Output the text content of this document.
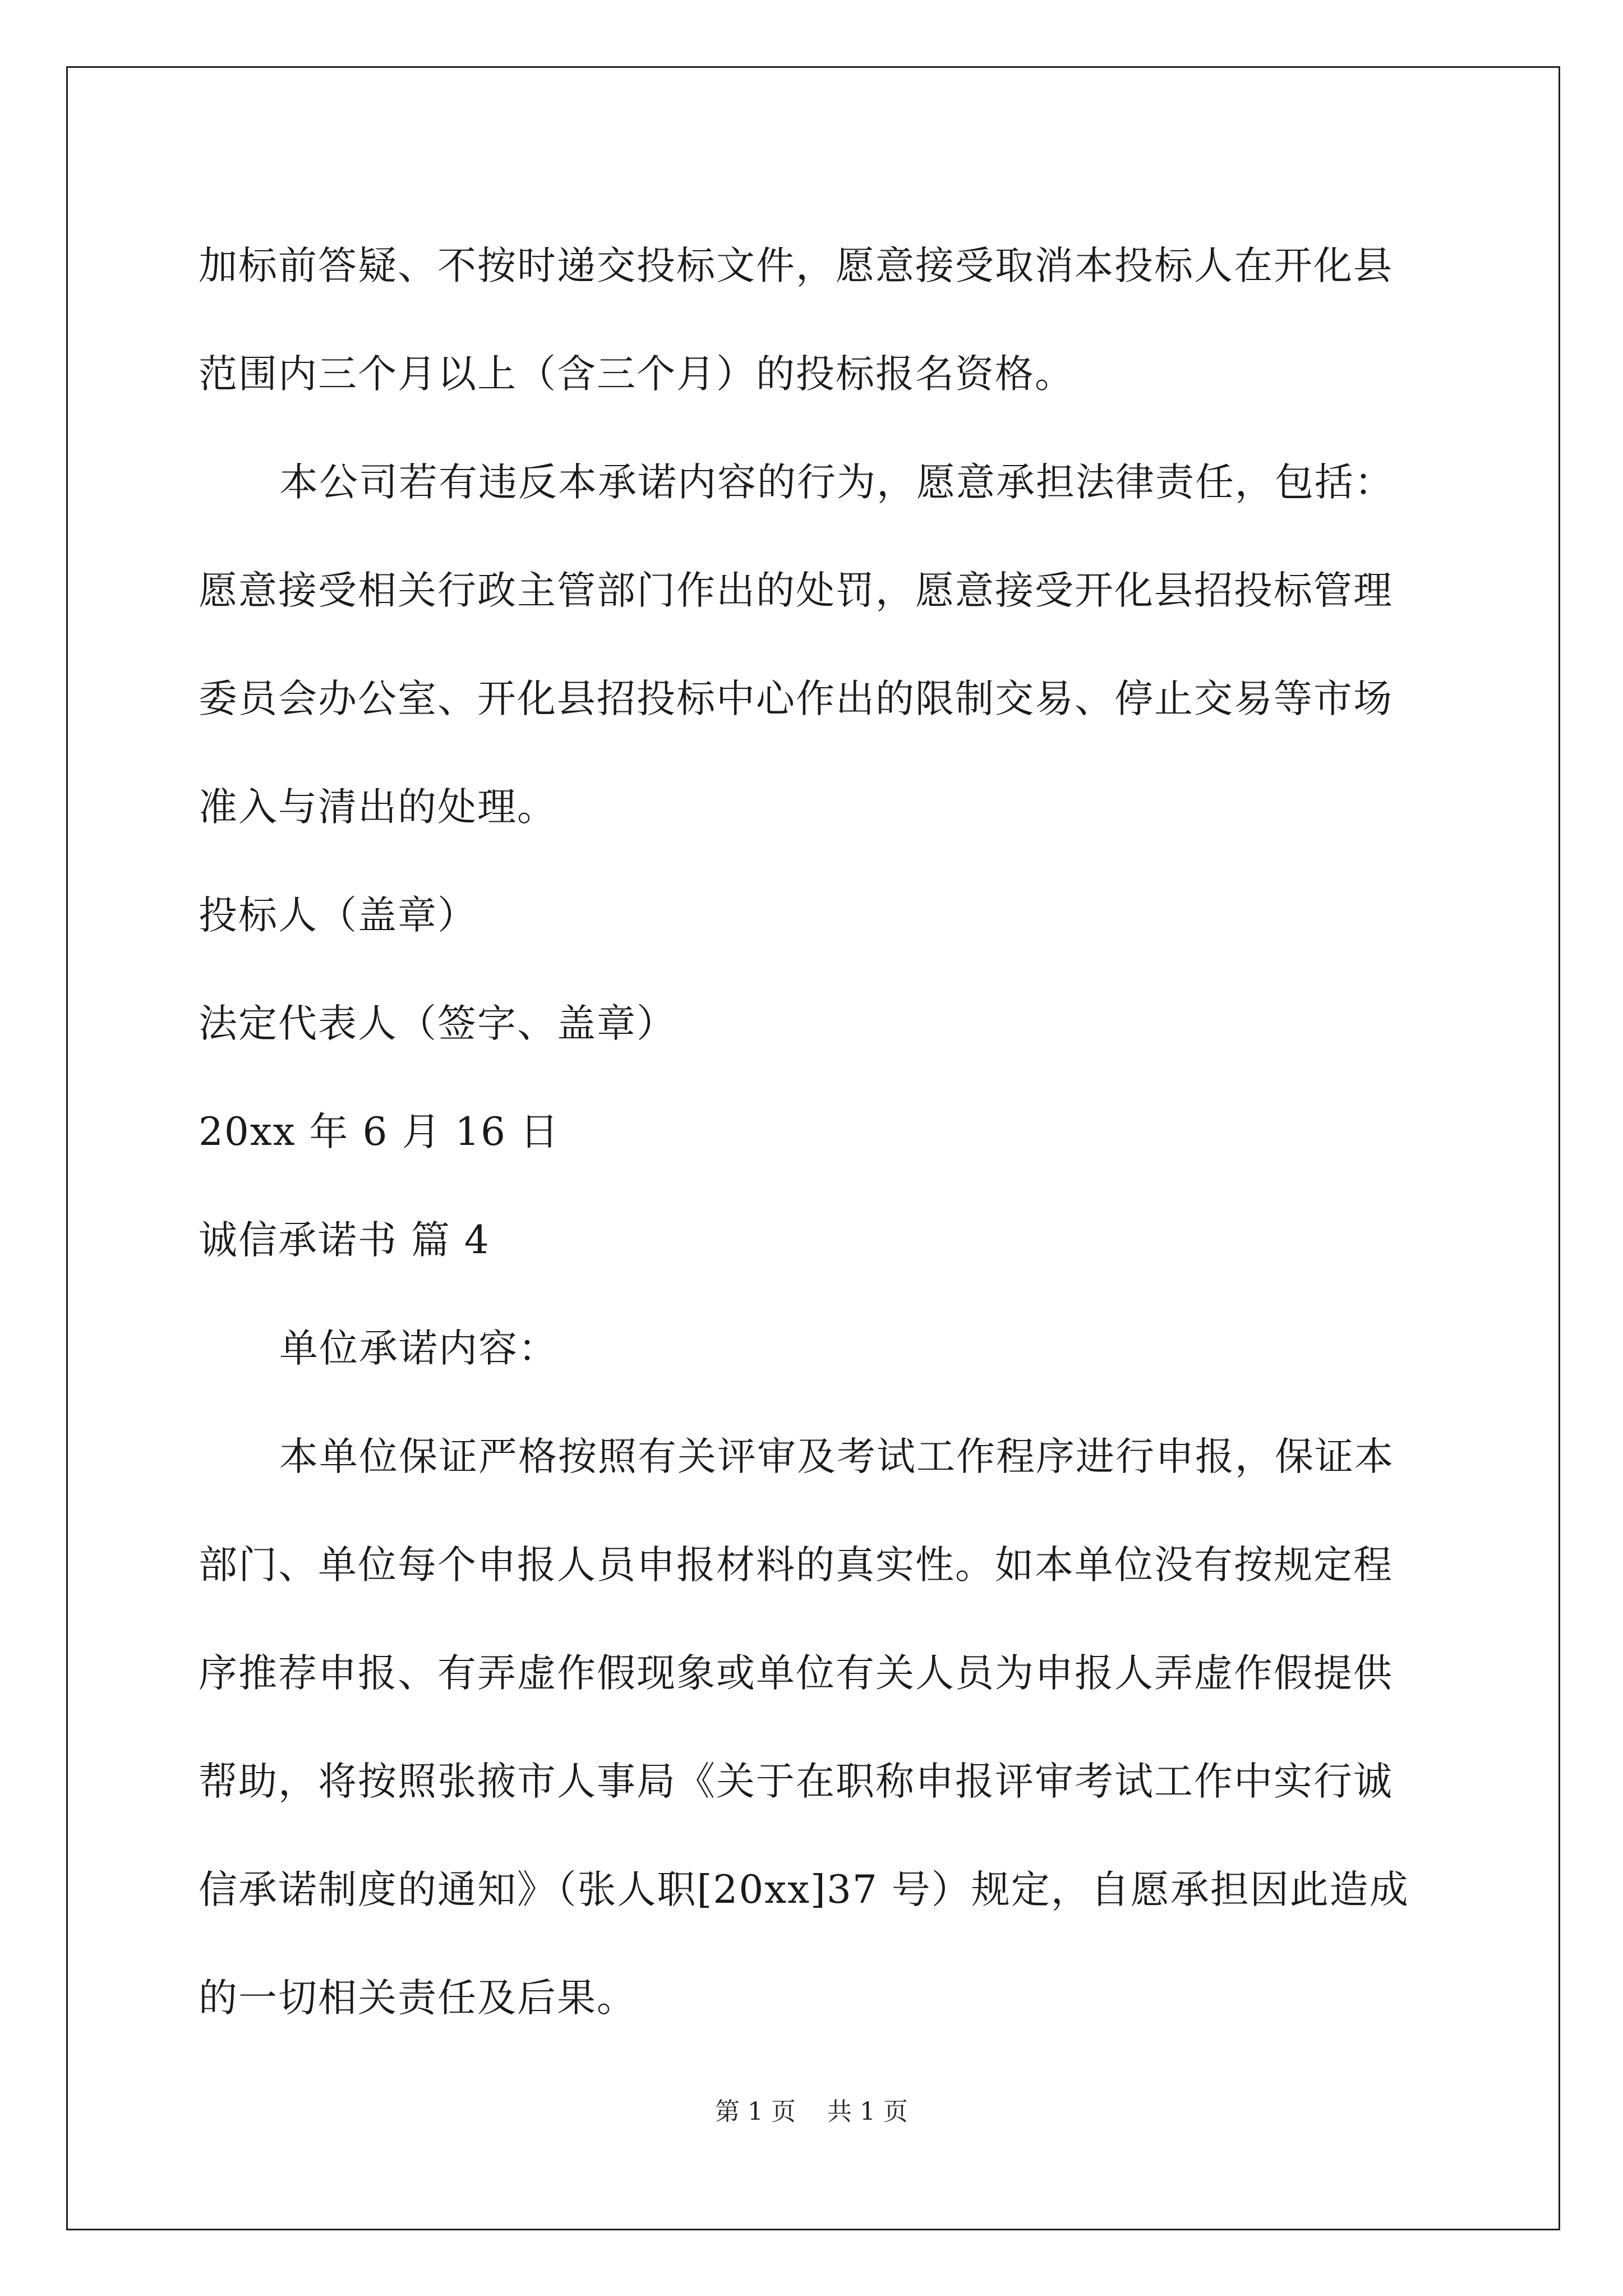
加标前答疑、不按时递交投标文件，愿意接受取消本投标人在开化县
范围内三个月以上（含三个月）的投标报名资格。
本公司若有违反本承诺内容的行为，愿意承担法律责任，包括：
愿意接受相关行政主管部门作出的处罚，愿意接受开化县招投标管理
委员会办公室、开化县招投标中心作出的限制交易、停止交易等市场
准入与清出的处理。
投标人（盖章）
法定代表人（签字、盖章）
20xx 年 6 月 16 日
诚信承诺书 篇 4
单位承诺内容：
本单位保证严格按照有关评审及考试工作程序进行申报，保证本
部门、单位每个申报人员申报材料的真实性。如本单位没有按规定程
序推荐申报、有弄虚作假现象或单位有关人员为申报人弄虚作假提供
帮助，将按照张掖市人事局《关于在职称申报评审考试工作中实行诚
信承诺制度的通知》（张人职[20xx]37 号）规定，自愿承担因此造成
的一切相关责任及后果。
第 1 页    共 1 页
